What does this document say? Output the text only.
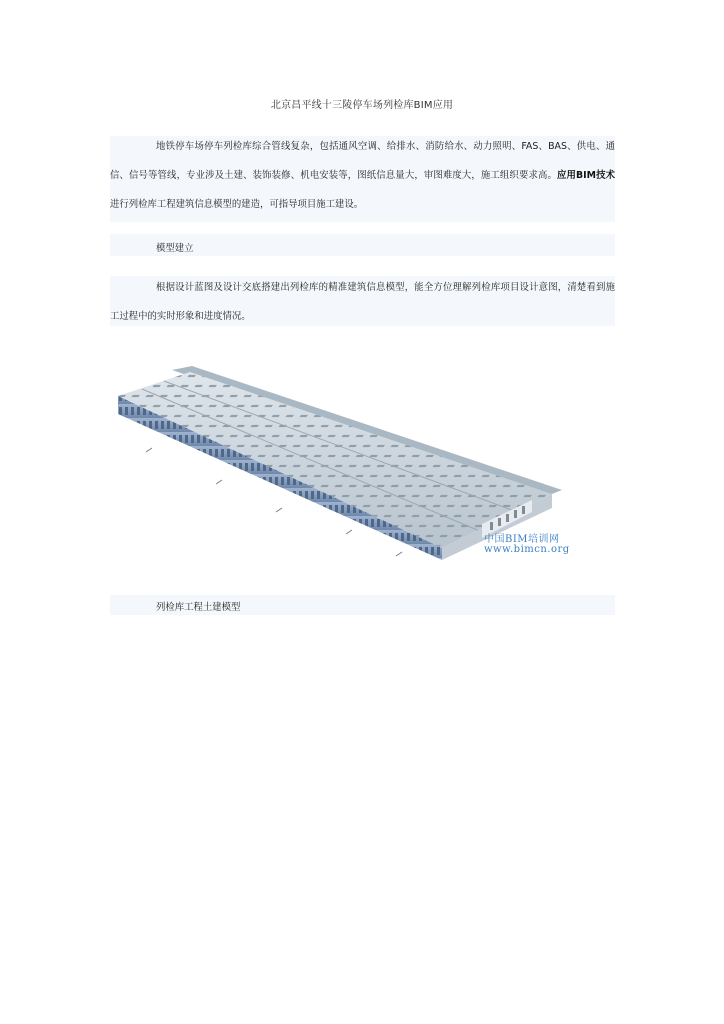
北京昌平线十三陵停车场列检库BIM应用

地铁停车场停车列检库综合管线复杂，包括通风空调、给排水、消防给水、动力照明、FAS、BAS、供电、通信、信号等管线，专业涉及土建、装饰装修、机电安装等，图纸信息量大，审图难度大，施工组织要求高。应用BIM技术进行列检库工程建筑信息模型的建造，可指导项目施工建设。

模型建立

根据设计蓝图及设计交底搭建出列检库的精准建筑信息模型，能全方位理解列检库项目设计意图，清楚看到施工过程中的实时形象和进度情况。

中国BIM培训网
www.bimcn.org
列检库工程土建模型
